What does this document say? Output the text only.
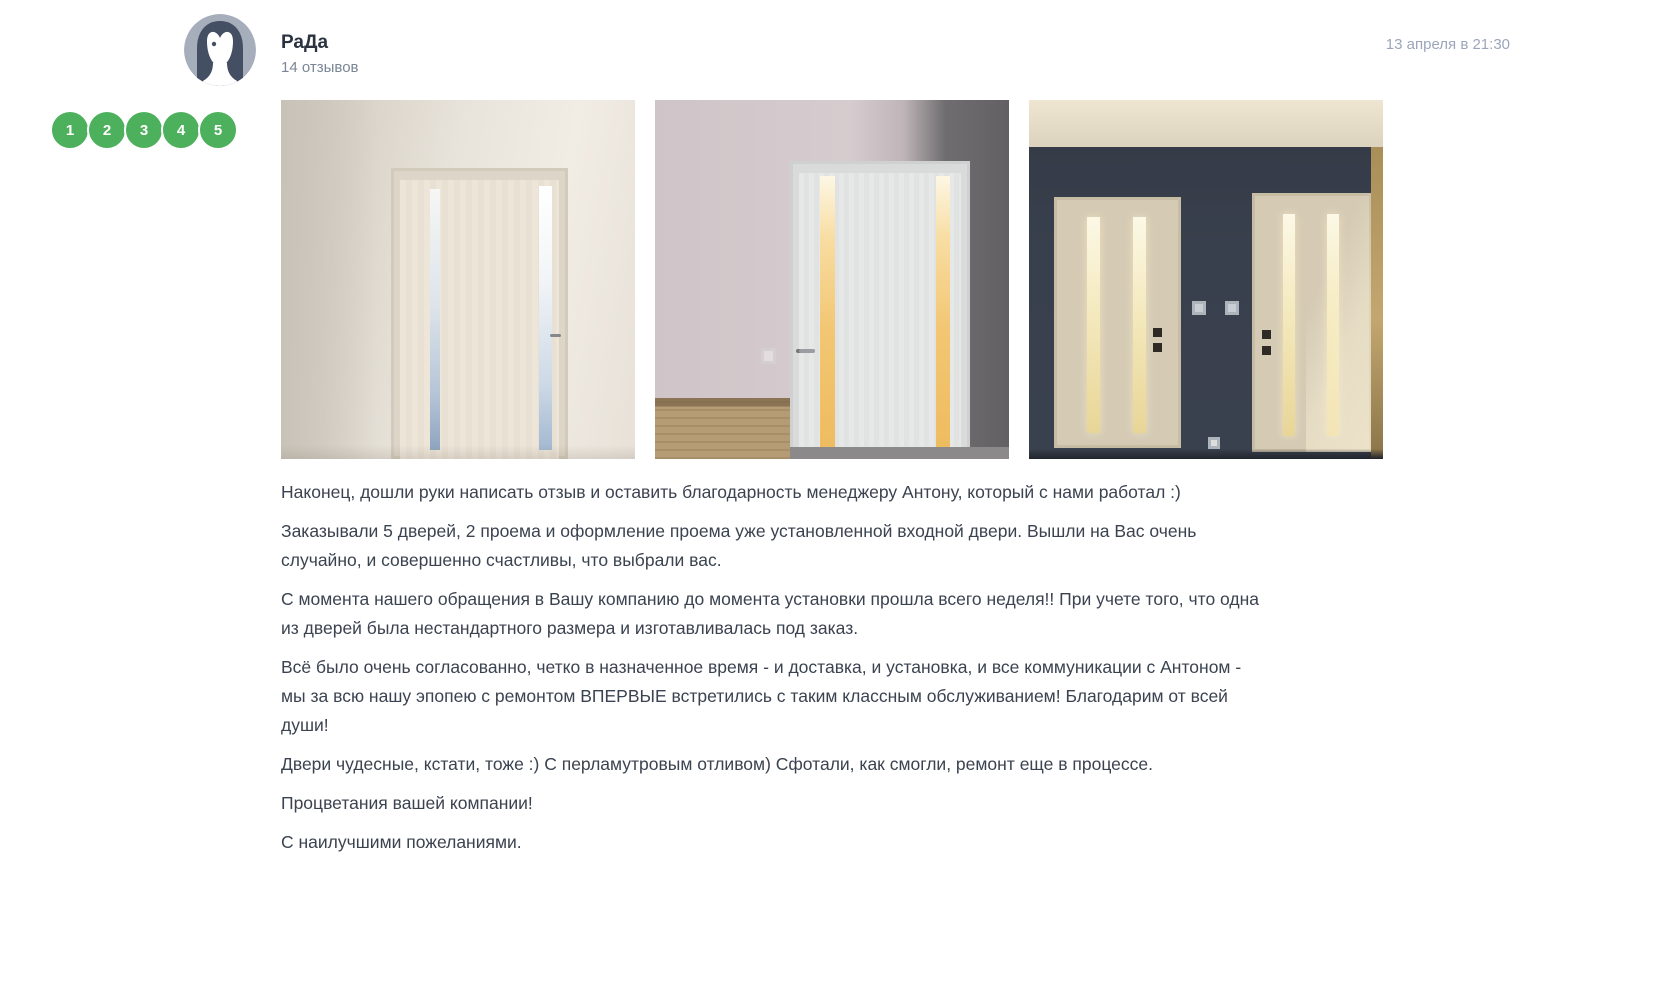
РаДа
14 отзывов
13 апреля в 21:30
1	2	3	4	5

Наконец, дошли руки написать отзыв и оставить благодарность менеджеру Антону, который с нами работал :)

Заказывали 5 дверей, 2 проема и оформление проема уже установленной входной двери. Вышли на Вас очень случайно, и совершенно счастливы, что выбрали вас.

С момента нашего обращения в Вашу компанию до момента установки прошла всего неделя!! При учете того, что одна из дверей была нестандартного размера и изготавливалась под заказ.

Всё было очень согласованно, четко в назначенное время - и доставка, и установка, и все коммуникации с Антоном - мы за всю нашу эпопею с ремонтом ВПЕРВЫЕ встретились с таким классным обслуживанием! Благодарим от всей души!

Двери чудесные, кстати, тоже :) С перламутровым отливом) Сфотали, как смогли, ремонт еще в процессе.

Процветания вашей компании!

С наилучшими пожеланиями.
